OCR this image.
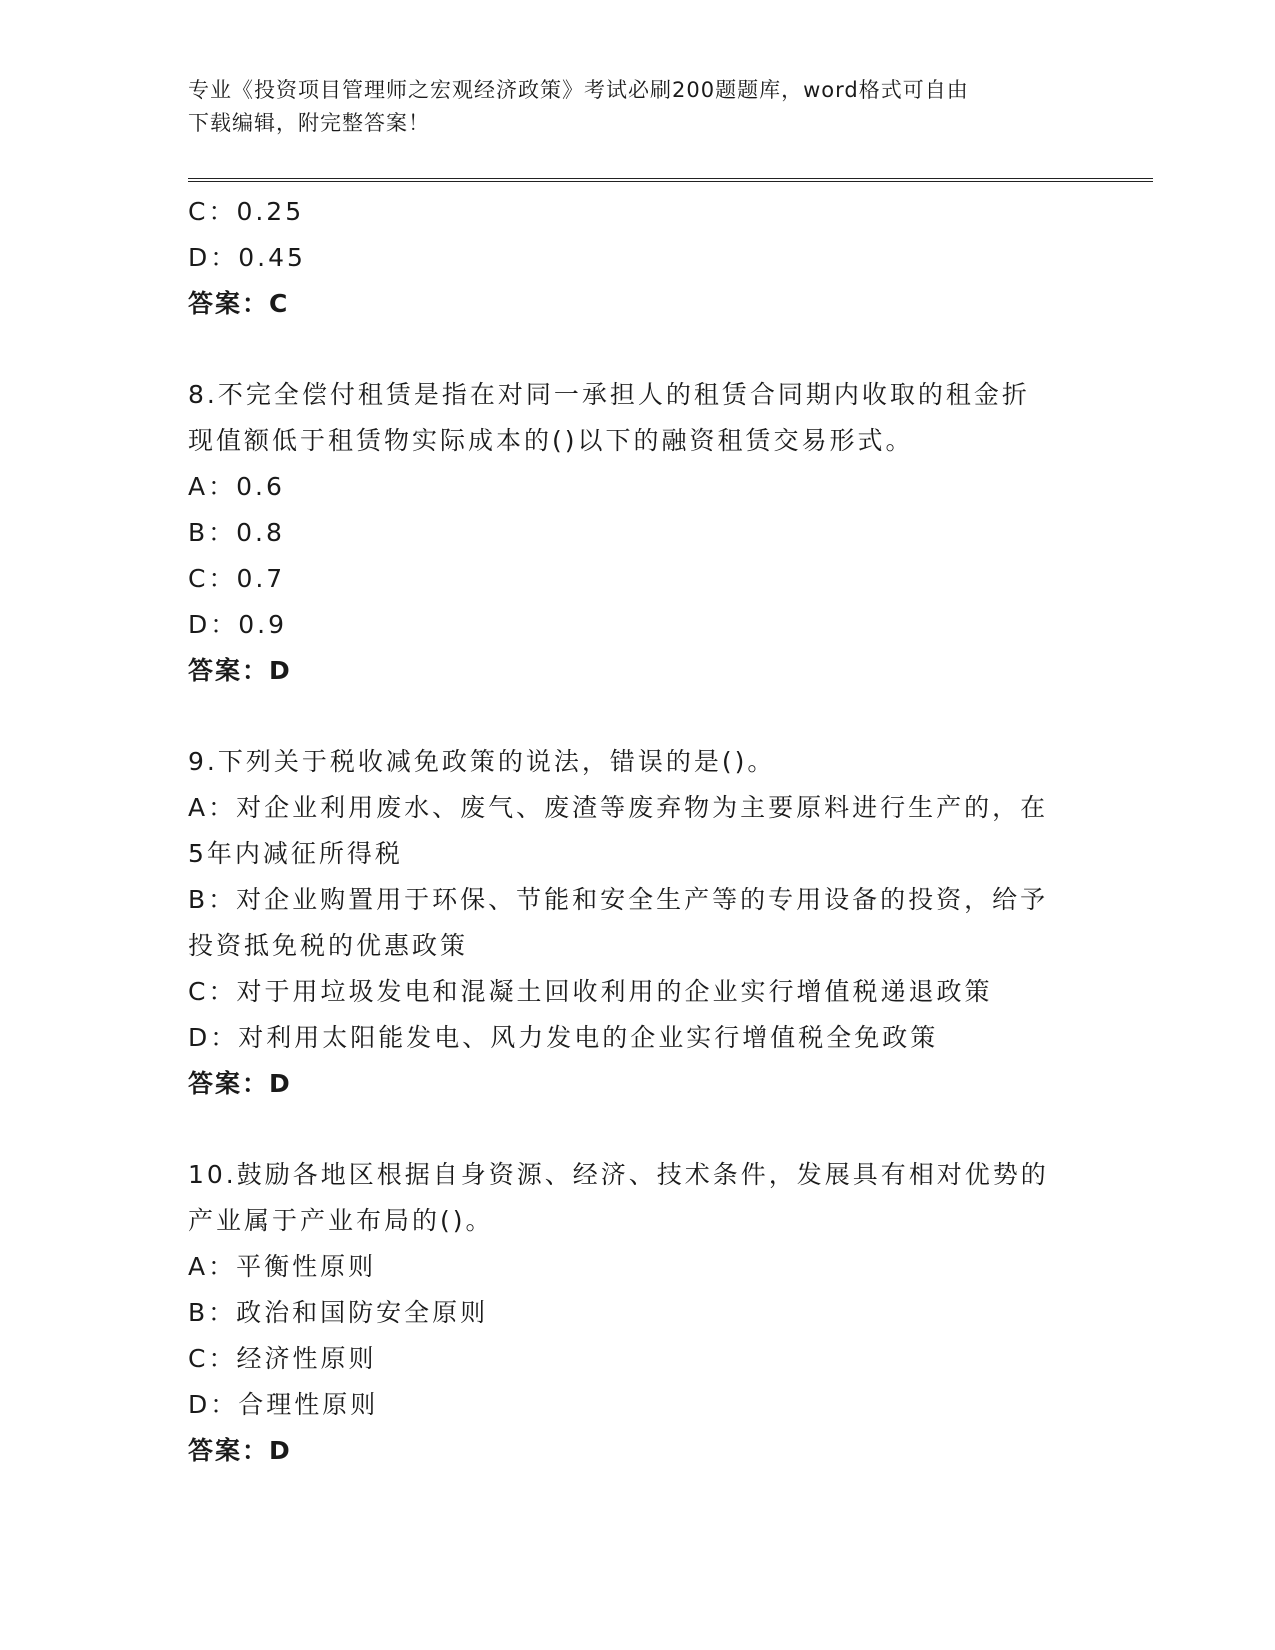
专业《投资项目管理师之宏观经济政策》考试必刷200题题库，word格式可自由
下载编辑，附完整答案！
C：0.25
D：0.45
答案：C
8.不完全偿付租赁是指在对同一承担人的租赁合同期内收取的租金折
现值额低于租赁物实际成本的()以下的融资租赁交易形式。
A：0.6
B：0.8
C：0.7
D：0.9
答案：D
9.下列关于税收减免政策的说法，错误的是()。
A：对企业利用废水、废气、废渣等废弃物为主要原料进行生产的，在
5年内减征所得税
B：对企业购置用于环保、节能和安全生产等的专用设备的投资，给予
投资抵免税的优惠政策
C：对于用垃圾发电和混凝土回收利用的企业实行增值税递退政策
D：对利用太阳能发电、风力发电的企业实行增值税全免政策
答案：D
10.鼓励各地区根据自身资源、经济、技术条件，发展具有相对优势的
产业属于产业布局的()。
A：平衡性原则
B：政治和国防安全原则
C：经济性原则
D：合理性原则
答案：D
